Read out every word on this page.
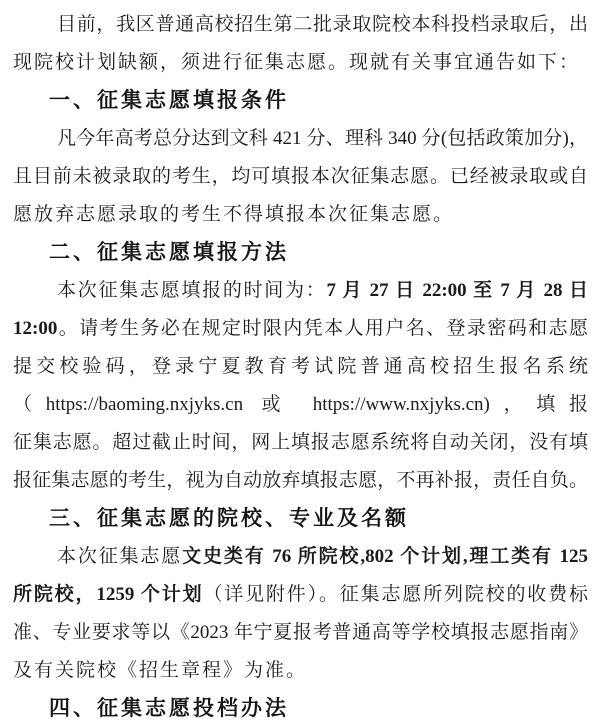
目前，我区普通高校招生第二批录取院校本科投档录取后，出
现院校计划缺额，须进行征集志愿。现就有关事宜通告如下：
一、征集志愿填报条件
凡今年高考总分达到文科 421 分、理科 340 分(包括政策加分)，
且目前未被录取的考生，均可填报本次征集志愿。已经被录取或自
愿放弃志愿录取的考生不得填报本次征集志愿。
二、征集志愿填报方法
本次征集志愿填报的时间为：7 月 27 日 22:00 至 7 月 28 日
12:00。请考生务必在规定时限内凭本人用户名、登录密码和志愿
提交校验码，登录宁夏教育考试院普通高校招生报名系统
（https://baoming.nxjyks.cn 或 https://www.nxjyks.cn)，填报
征集志愿。超过截止时间，网上填报志愿系统将自动关闭，没有填
报征集志愿的考生，视为自动放弃填报志愿，不再补报，责任自负。
三、征集志愿的院校、专业及名额
本次征集志愿文史类有 76 所院校,802 个计划,理工类有 125
所院校，1259 个计划（详见附件）。征集志愿所列院校的收费标
准、专业要求等以《2023 年宁夏报考普通高等学校填报志愿指南》
及有关院校《招生章程》为准。
四、征集志愿投档办法
